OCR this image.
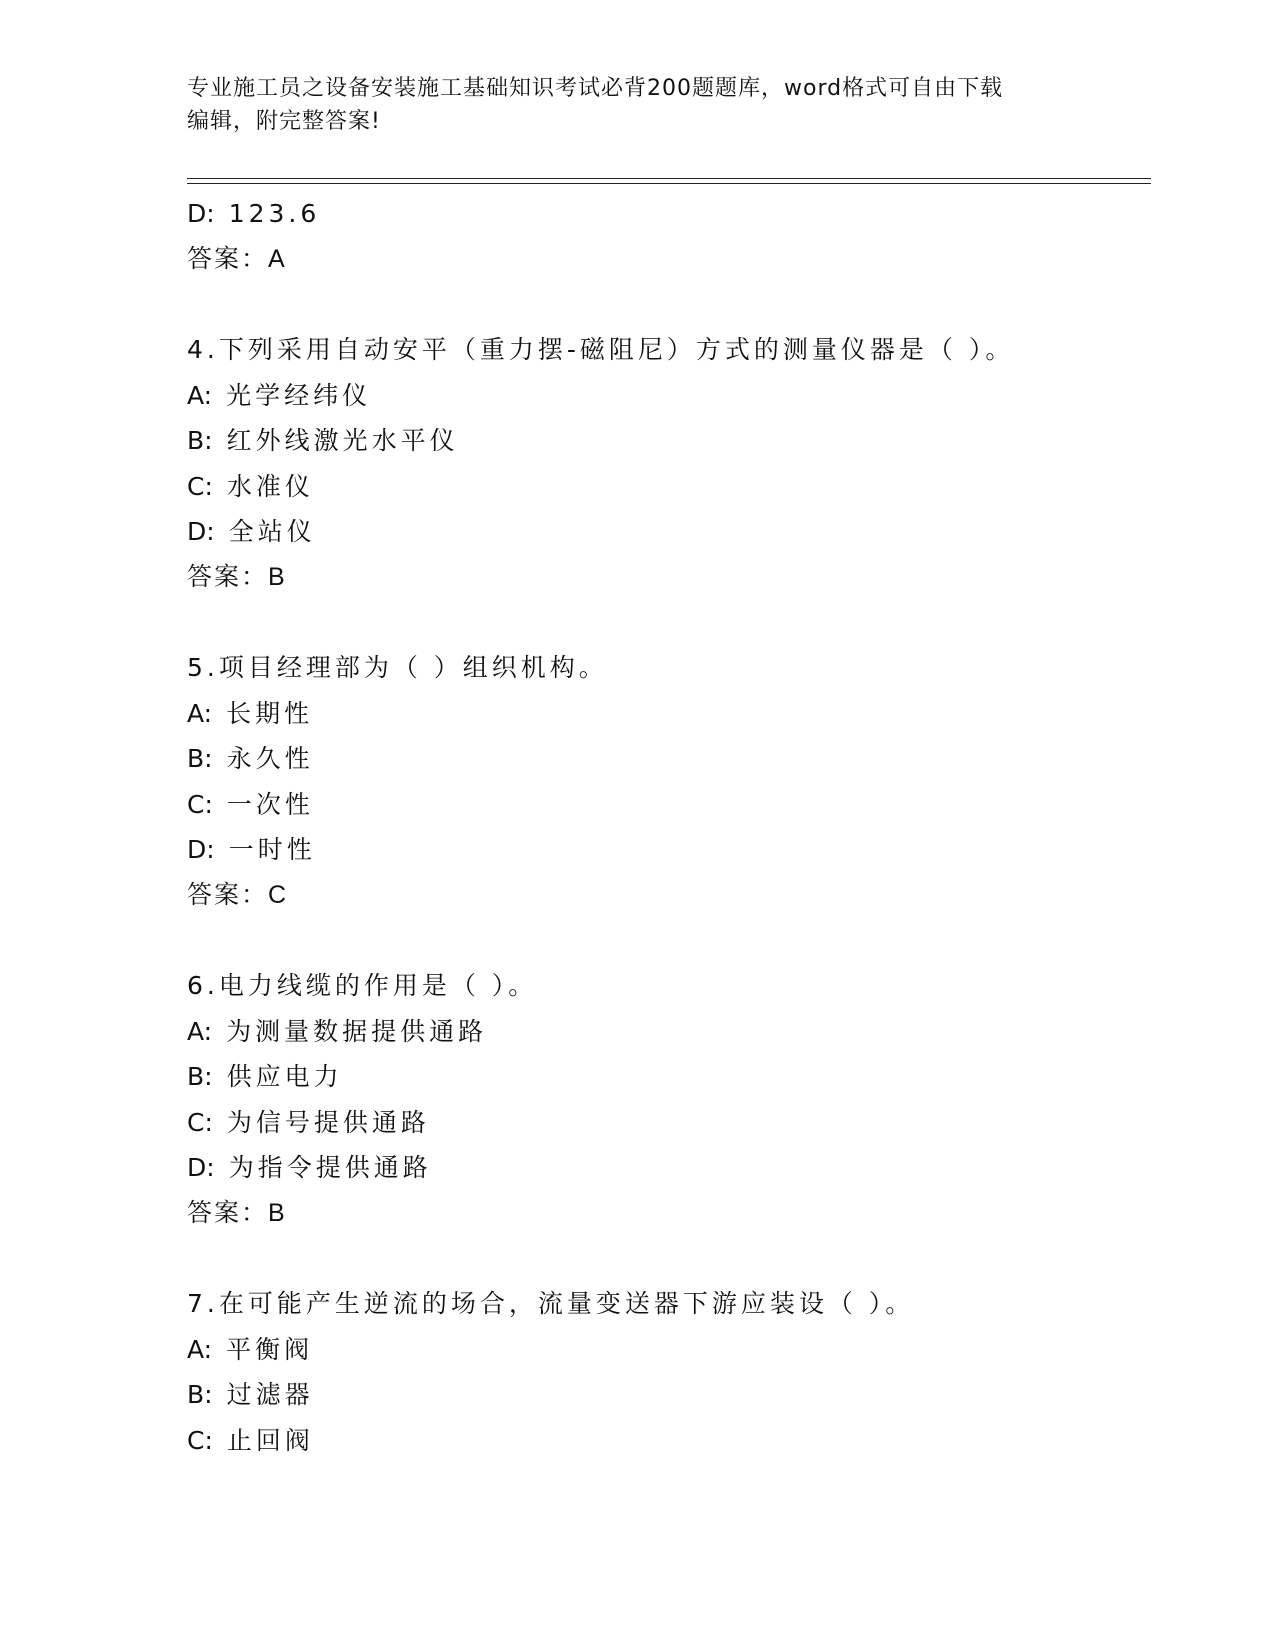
专业施工员之设备安装施工基础知识考试必背200题题库，word格式可自由下载
编辑，附完整答案!
D: 123.6
答案：A
4.下列采用自动安平（重力摆-磁阻尼）方式的测量仪器是（ ）。
A: 光学经纬仪
B: 红外线激光水平仪
C: 水准仪
D: 全站仪
答案：B
5.项目经理部为（ ）组织机构。
A: 长期性
B: 永久性
C: 一次性
D: 一时性
答案：C
6.电力线缆的作用是（ ）。
A: 为测量数据提供通路
B: 供应电力
C: 为信号提供通路
D: 为指令提供通路
答案：B
7.在可能产生逆流的场合，流量变送器下游应装设（ ）。
A: 平衡阀
B: 过滤器
C: 止回阀
